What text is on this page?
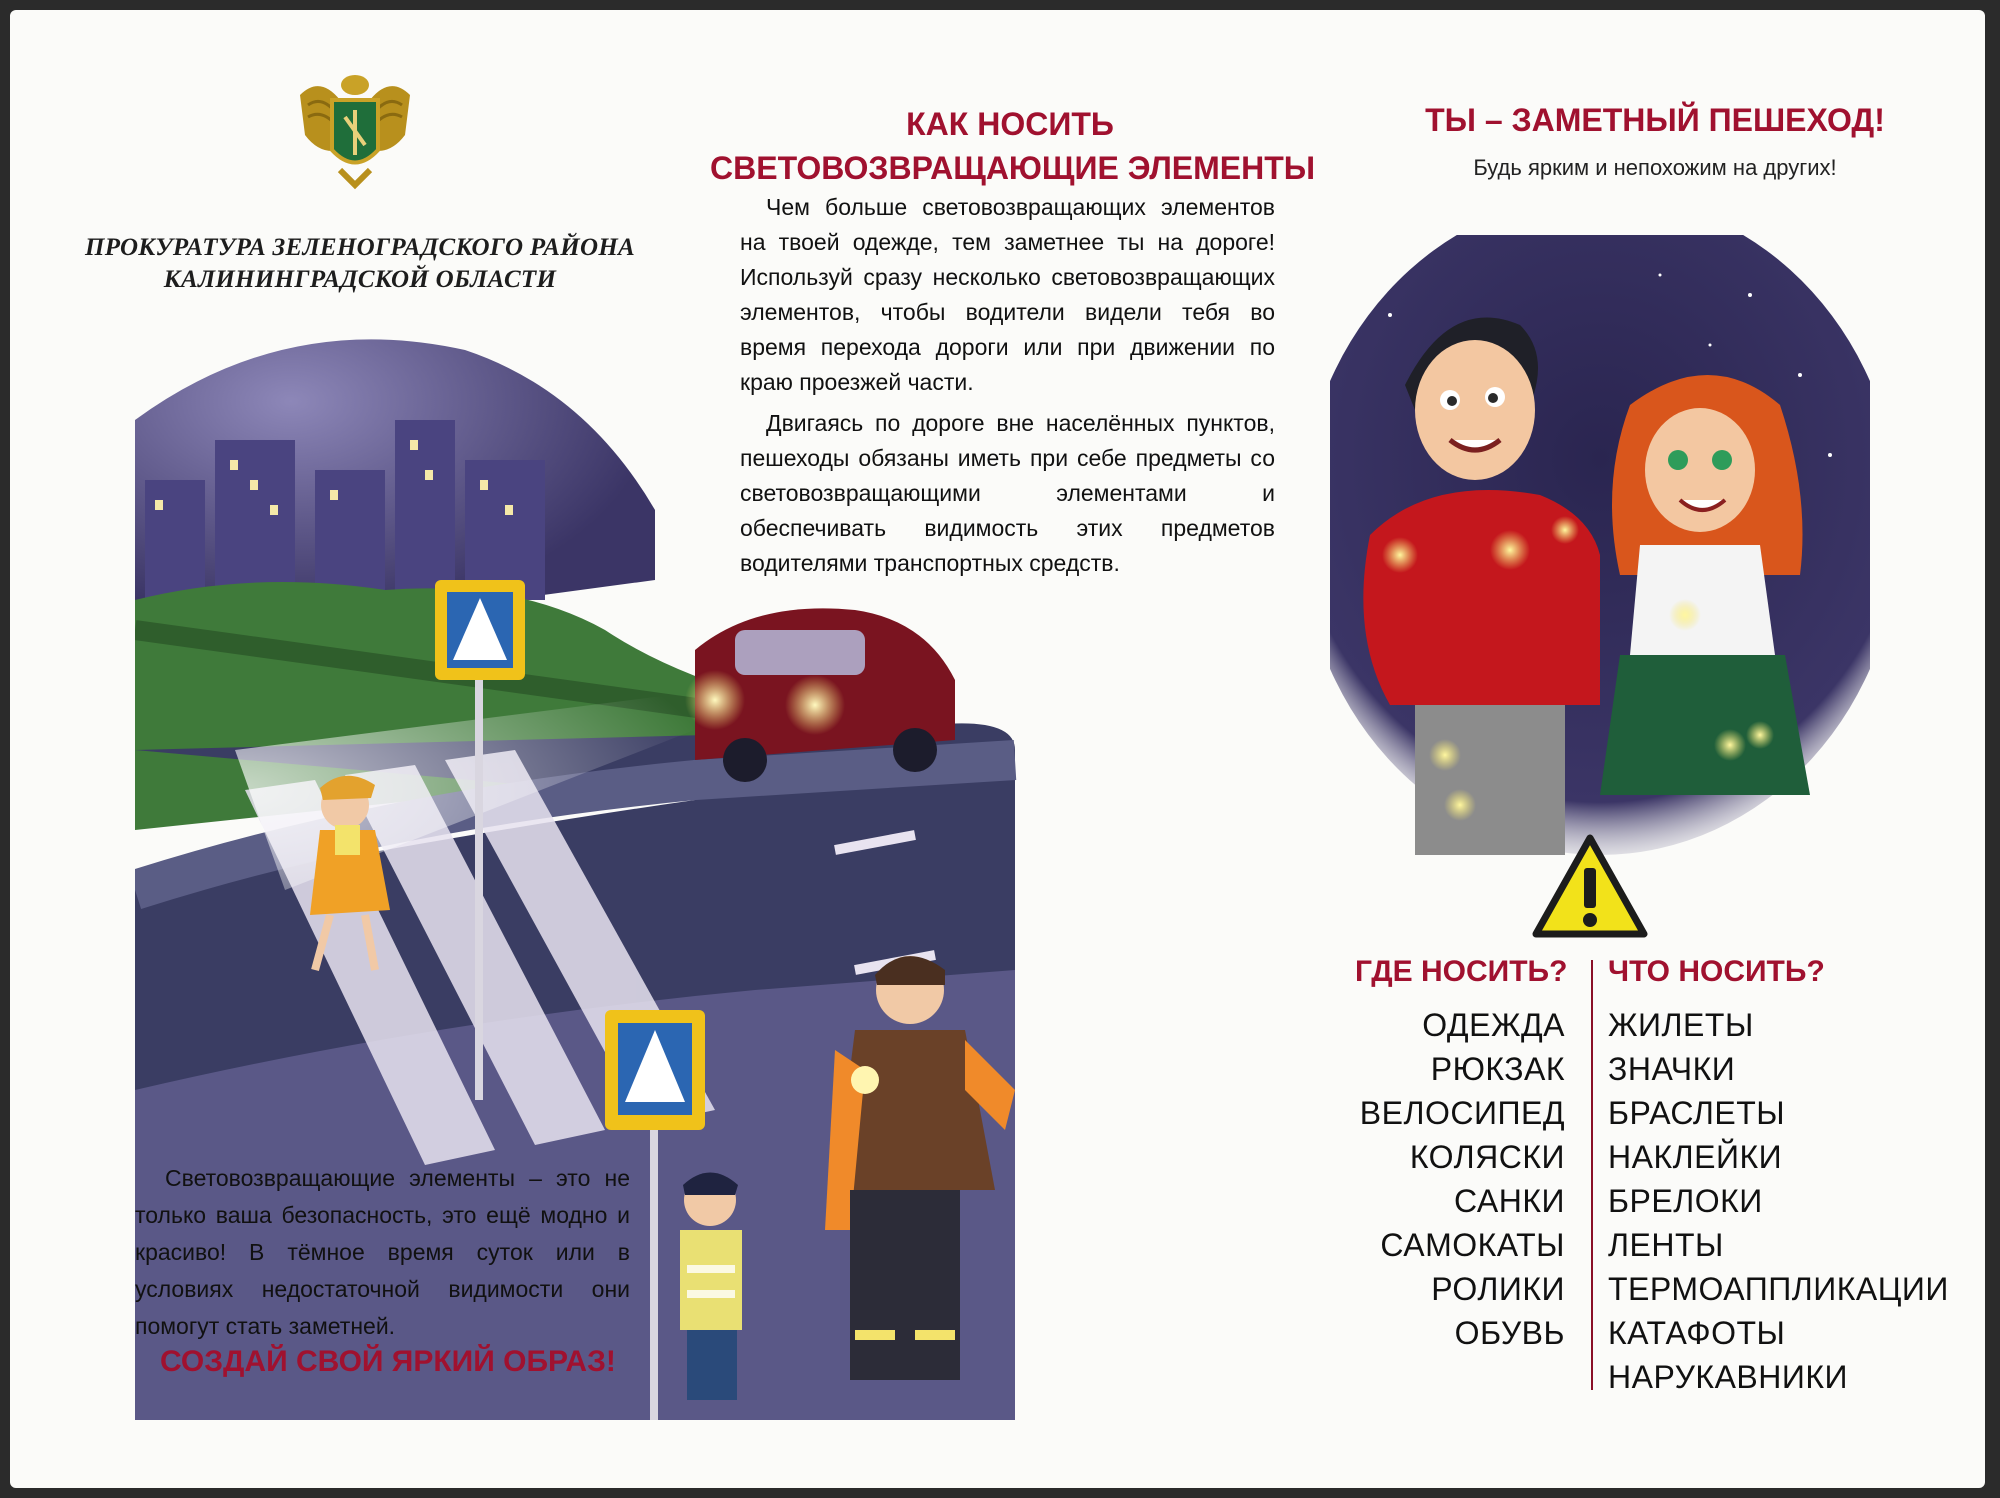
ПРОКУРАТУРА ЗЕЛЕНОГРАДСКОГО РАЙОНА
КАЛИНИНГРАДСКОЙ ОБЛАСТИ
КАК НОСИТЬ
СВЕТОВОЗВРАЩАЮЩИЕ ЭЛЕМЕНТЫ

Чем больше световозвращающих элементов на твоей одежде, тем заметнее ты на дороге! Используй сразу несколько световозвращающих элементов, чтобы водители видели тебя во время перехода дороги или при движении по краю проезжей части.

Двигаясь по дороге вне населённых пунктов, пешеходы обязаны иметь при себе предметы со световозвращающими элементами и обеспечивать видимость этих предметов водителями транспортных средств.

Световозвращающие элементы – это не только ваша безопасность, это ещё модно и красиво! В тёмное время суток или в условиях недостаточной видимости они помогут стать заметней.

СОЗДАЙ СВОЙ ЯРКИЙ ОБРАЗ!
ТЫ – ЗАМЕТНЫЙ ПЕШЕХОД!
Будь ярким и непохожим на других!
ГДЕ НОСИТЬ?
ОДЕЖДА
РЮКЗАК
ВЕЛОСИПЕД
КОЛЯСКИ
САНКИ
САМОКАТЫ
РОЛИКИ
ОБУВЬ
ЧТО НОСИТЬ?
ЖИЛЕТЫ
ЗНАЧКИ
БРАСЛЕТЫ
НАКЛЕЙКИ
БРЕЛОКИ
ЛЕНТЫ
ТЕРМОАППЛИКАЦИИ
КАТАФОТЫ
НАРУКАВНИКИ
